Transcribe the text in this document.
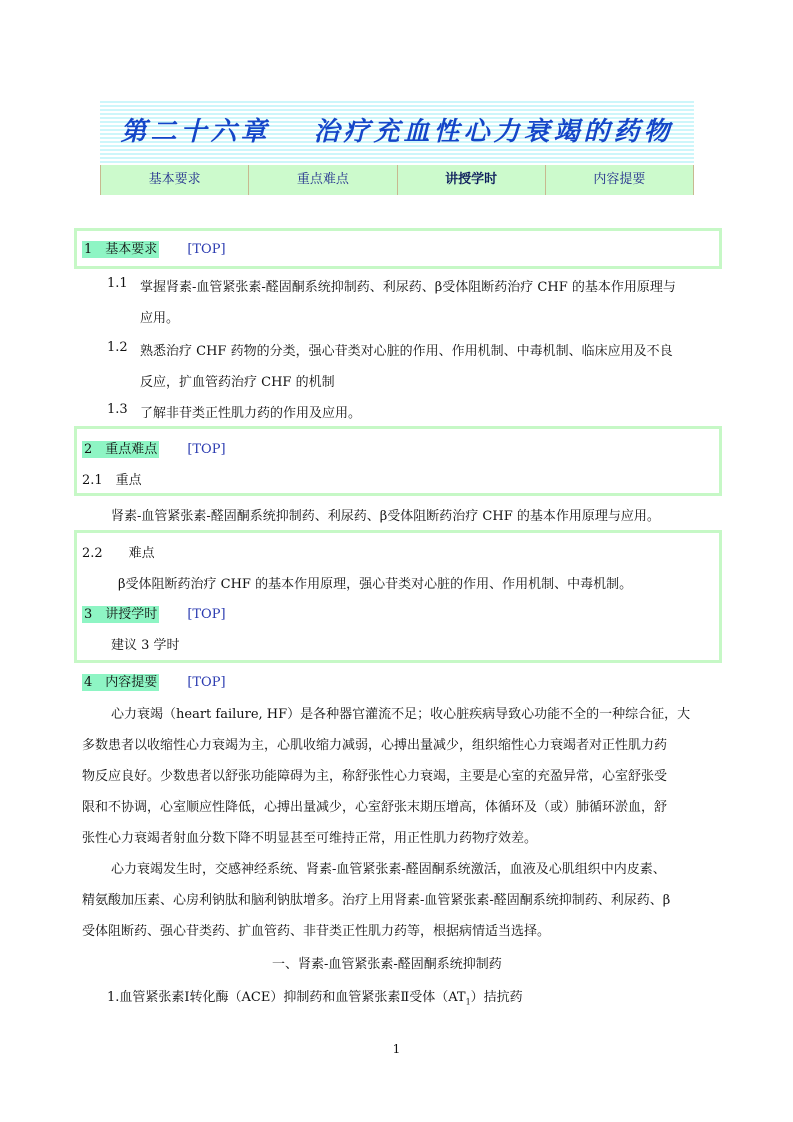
第二十六章　 治疗充血性心力衰竭的药物
基本要求	重点难点	讲授学时	内容提要
1　 基本要求 [TOP]
1.1 掌握肾素-血管紧张素-醛固酮系统抑制药、利尿药、β受体阻断药治疗 CHF 的基本作用原理与
应用。
1.2 熟悉治疗 CHF 药物的分类，强心苷类对心脏的作用、作用机制、中毒机制、临床应用及不良
反应，扩血管药治疗 CHF 的机制
1.3 了解非苷类正性肌力药的作用及应用。
2　 重点难点 [TOP]
2.1　重点
肾素-血管紧张素-醛固酮系统抑制药、利尿药、β受体阻断药治疗 CHF 的基本作用原理与应用。
2.2　　难点
β受体阻断药治疗 CHF 的基本作用原理，强心苷类对心脏的作用、作用机制、中毒机制。
3　 讲授学时 [TOP]
建议 3 学时
4　 内容提要 [TOP]
心力衰竭（heart failure, HF）是各种器官灌流不足；收心脏疾病导致心功能不全的一种综合征，大
多数患者以收缩性心力衰竭为主，心肌收缩力减弱，心搏出量减少，组织缩性心力衰竭者对正性肌力药
物反应良好。少数患者以舒张功能障碍为主，称舒张性心力衰竭，主要是心室的充盈异常，心室舒张受
限和不协调，心室顺应性降低，心搏出量减少，心室舒张末期压增高，体循环及（或）肺循环淤血，舒
张性心力衰竭者射血分数下降不明显甚至可维持正常，用正性肌力药物疗效差。
心力衰竭发生时，交感神经系统、肾素-血管紧张素-醛固酮系统激活，血液及心肌组织中内皮素、
精氨酸加压素、心房利钠肽和脑利钠肽增多。治疗上用肾素-血管紧张素-醛固酮系统抑制药、利尿药、β
受体阻断药、强心苷类药、扩血管药、非苷类正性肌力药等，根据病情适当选择。
一、肾素-血管紧张素-醛固酮系统抑制药
1.血管紧张素Ⅰ转化酶（ACE）抑制药和血管紧张素Ⅱ受体$(AT_1)$拮抗药
1
